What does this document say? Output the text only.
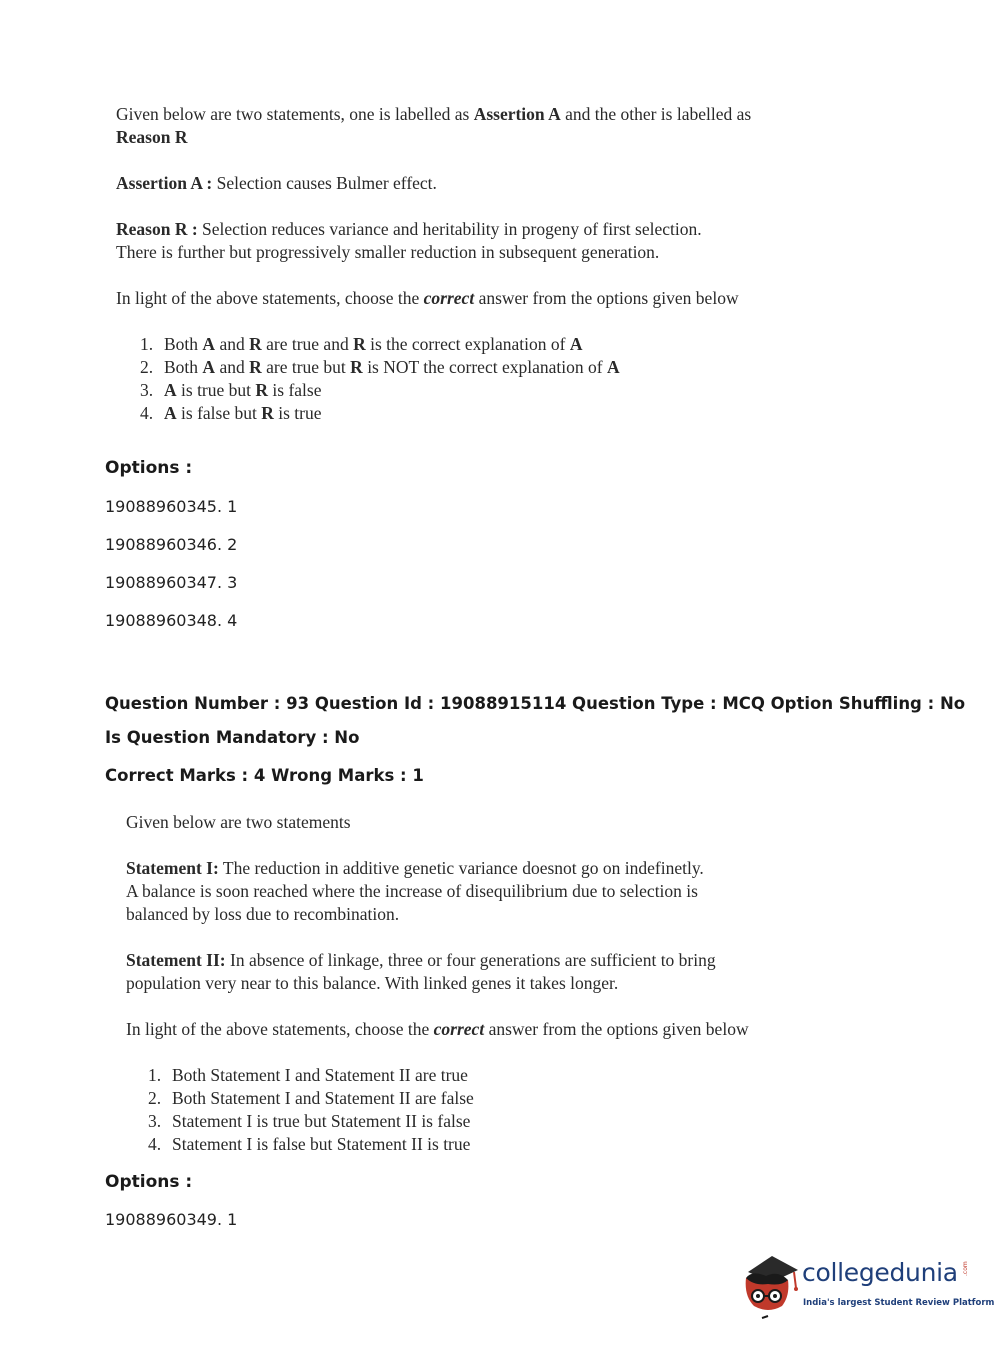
Given below are two statements, one is labelled as Assertion A and the other is labelled as
Reason R

Assertion A : Selection causes Bulmer effect.

Reason R : Selection reduces variance and heritability in progeny of first selection. There is further but progressively smaller reduction in subsequent generation.

In light of the above statements, choose the correct answer from the options given below

1. Both A and R are true and R is the correct explanation of A
2. Both A and R are true but R is NOT the correct explanation of A
3. A is true but R is false
4. A is false but R is true
Options :
19088960345. 1
19088960346. 2
19088960347. 3
19088960348. 4
Question Number : 93 Question Id : 19088915114 Question Type : MCQ Option Shuffling : No
Is Question Mandatory : No
Correct Marks : 4 Wrong Marks : 1

Given below are two statements

Statement I: The reduction in additive genetic variance doesnot go on indefinetly. A balance is soon reached where the increase of disequilibrium due to selection is balanced by loss due to recombination.

Statement II: In absence of linkage, three or four generations are sufficient to bring population very near to this balance. With linked genes it takes longer.

In light of the above statements, choose the correct answer from the options given below

1. Both Statement I and Statement II are true
2. Both Statement I and Statement II are false
3. Statement I is true but Statement II is false
4. Statement I is false but Statement II is true
Options :
19088960349. 1
collegedunia .com
India's largest Student Review Platform
